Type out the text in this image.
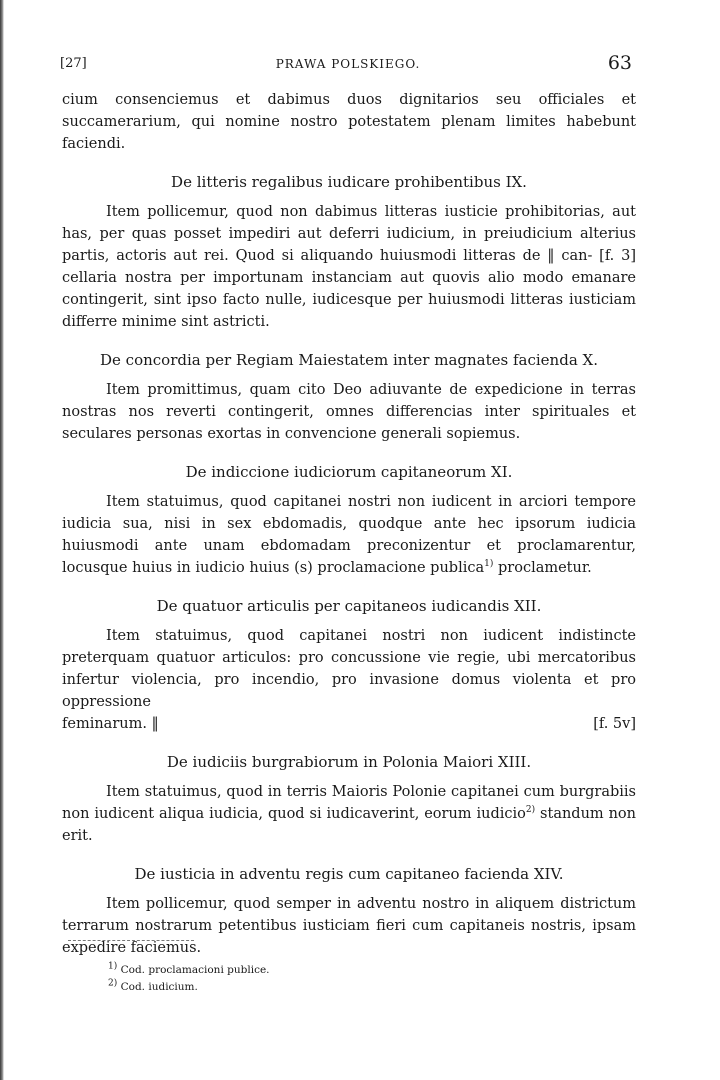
[27]	PRAWA POLSKIEGO.	63

cium consenciemus et dabimus duos dignitarios seu officiales et succamerarium, qui nomine nostro potestatem plenam limites habebunt faciendi.

De litteris regalibus iudicare prohibentibus IX.

Item pollicemur, quod non dabimus litteras iusticie prohibitorias, aut has, per quas posset impediri aut deferri iudicium, in preiudicium alterius partis, actoris aut rei. Quod si aliquando huiusmodi litteras de ‖ can- [f. 3] cellaria nostra per importunam instanciam aut quovis alio modo emanare contingerit, sint ipso facto nulle, iudicesque per huiusmodi litteras iusticiam differre minime sint astricti.

De concordia per Regiam Maiestatem inter magnates facienda X.

Item promittimus, quam cito Deo adiuvante de expedicione in terras nostras nos reverti contingerit, omnes differencias inter spirituales et seculares personas exortas in convencione generali sopiemus.

De indiccione iudiciorum capitaneorum XI.

Item statuimus, quod capitanei nostri non iudicent in arciori tempore iudicia sua, nisi in sex ebdomadis, quodque ante hec ipsorum iudicia huiusmodi ante unam ebdomadam preconizentur et proclamarentur, locusque huius in iudicio huius (s) proclamacione publica$^{1)}$ proclametur.

De quatuor articulis per capitaneos iudicandis XII.

Item statuimus, quod capitanei nostri non iudicent indistincte preterquam quatuor articulos: pro concussione vie regie, ubi mercatoribus infertur violencia, pro incendio, pro invasione domus violenta et pro oppressione

feminarum. ‖	[f. 5v]

De iudiciis burgrabiorum in Polonia Maiori XIII.

Item statuimus, quod in terris Maioris Polonie capitanei cum burgrabiis non iudicent aliqua iudicia, quod si iudicaverint, eorum iudicio$^{2)}$ standum non erit.

De iusticia in adventu regis cum capitaneo facienda XIV.

Item pollicemur, quod semper in adventu nostro in aliquem districtum terrarum nostrarum petentibus iusticiam fieri cum capitaneis nostris, ipsam expedire faciemus.

$^{1)}$ Cod. proclamacioni publice.

$^{2)}$ Cod. iudicium.
